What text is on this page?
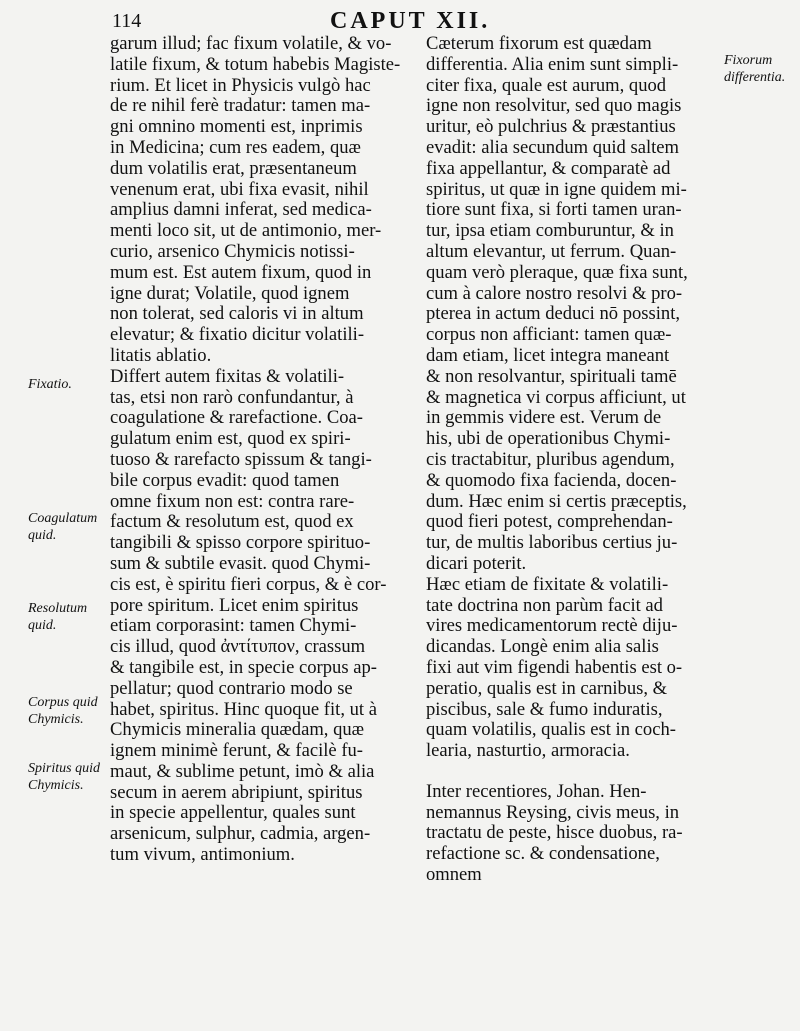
114	CAPUT XII.
garum illud; fac fixum volatile, & vo-
latile fixum, & totum habebis Magiste-
rium. Et licet in Physicis vulgò hac
de re nihil ferè tradatur: tamen ma-
gni omnino momenti est, inprimis
in Medicina; cum res eadem, quæ
dum volatilis erat, præsentaneum
venenum erat, ubi fixa evasit, nihil
amplius damni inferat, sed medica-
menti loco sit, ut de antimonio, mer-
curio, arsenico Chymicis notissi-
mum est. Est autem fixum, quod in
igne durat; Volatile, quod ignem
non tolerat, sed caloris vi in altum
elevatur; & fixatio dicitur volatili-
litatis ablatio.
Differt autem fixitas & volatili-
tas, etsi non rarò confundantur, à
coagulatione & rarefactione. Coa-
gulatum enim est, quod ex spiri-
tuoso & rarefacto spissum & tangi-
bile corpus evadit: quod tamen
omne fixum non est: contra rare-
factum & resolutum est, quod ex
tangibili & spisso corpore spirituo-
sum & subtile evasit. quod Chymi-
cis est, è spiritu fieri corpus, & è cor-
pore spiritum. Licet enim spiritus
etiam corporasint: tamen Chymi-
cis illud, quod ἀντίτυπον, crassum
& tangibile est, in specie corpus ap-
pellatur; quod contrario modo se
habet, spiritus. Hinc quoque fit, ut à
Chymicis mineralia quædam, quæ
ignem minimè ferunt, & facilè fu-
maut, & sublime petunt, imò & alia
secum in aerem abripiunt, spiritus
in specie appellentur, quales sunt
arsenicum, sulphur, cadmia, argen-
tum vivum, antimonium.
Cæterum fixorum est quædam
differentia. Alia enim sunt simpli-
citer fixa, quale est aurum, quod
igne non resolvitur, sed quo magis
uritur, eò pulchrius & præstantius
evadit: alia secundum quid saltem
fixa appellantur, & comparatè ad
spiritus, ut quæ in igne quidem mi-
tiore sunt fixa, si forti tamen uran-
tur, ipsa etiam comburuntur, & in
altum elevantur, ut ferrum. Quan-
quam verò pleraque, quæ fixa sunt,
cum à calore nostro resolvi & pro-
pterea in actum deduci nō possint,
corpus non afficiant: tamen quæ-
dam etiam, licet integra maneant
& non resolvantur, spirituali tamē
& magnetica vi corpus afficiunt, ut
in gemmis videre est. Verum de
his, ubi de operationibus Chymi-
cis tractabitur, pluribus agendum,
& quomodo fixa facienda, docen-
dum. Hæc enim si certis præceptis,
quod fieri potest, comprehendan-
tur, de multis laboribus certius ju-
dicari poterit.
Hæc etiam de fixitate & volatili-
tate doctrina non parùm facit ad
vires medicamentorum rectè diju-
dicandas. Longè enim alia salis
fixi aut vim figendi habentis est o-
peratio, qualis est in carnibus, &
piscibus, sale & fumo induratis,
quam volatilis, qualis est in coch-
learia, nasturtio, armoracia.
Inter recentiores, Johan. Hen-
nemannus Reysing, civis meus, in
tractatu de peste, hisce duobus, ra-
refactione sc. & condensatione,
omnem
Fixorum differentia.
Fixatio.
Coagulatum quid.
Resolutum quid.
Corpus quid Chymicis.
Spiritus quid Chymicis.
